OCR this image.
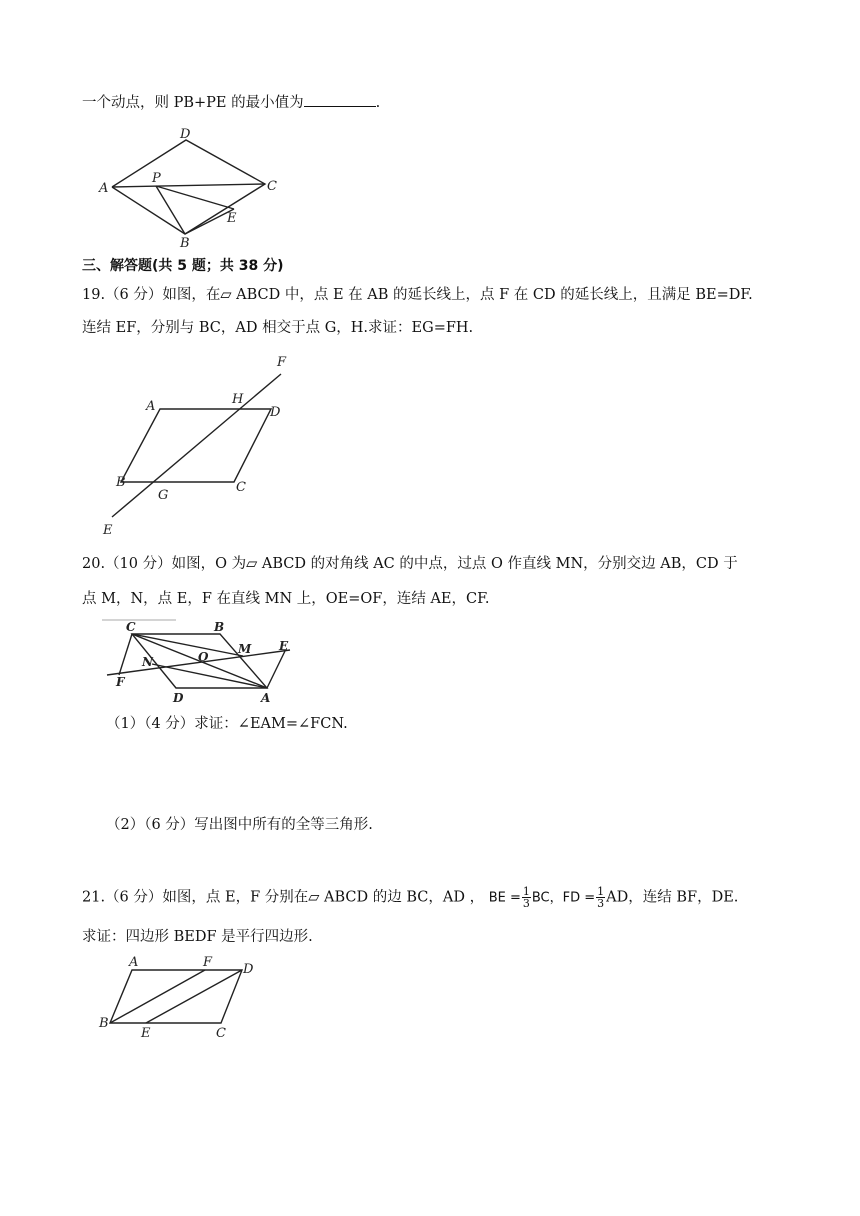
一个动点，则 PB+PE 的最小值为	.
D
A
P
C
E
B
三、解答题(共 5 题；共 38 分)
19.（6 分）如图，在▱ ABCD 中，点 E 在 AB 的延长线上，点 F 在 CD 的延长线上，且满足 BE=DF.
连结 EF，分别与 BC，AD 相交于点 G，H.求证：EG=FH.
F
A	H
D
B	C
G
E
20.（10 分）如图，O 为▱ ABCD 的对角线 AC 的中点，过点 O 作直线 MN，分别交边 AB，CD 于
点 M，N，点 E，F 在直线 MN 上，OE=OF，连结 AE，CF.
C	B
N	O
M E
F
D	A
（1）（4 分）求证：∠EAM=∠FCN.
（2）（6 分）写出图中所有的全等三角形.
21.（6 分）如图，点 E，F 分别在▱ ABCD 的边 BC，AD ， BE = $\frac{1}{3}$ BC，FD = $\frac{1}{3}$ AD，连结 BF，DE.
求证：四边形 BEDF 是平行四边形.
A	F D
B
E	C
